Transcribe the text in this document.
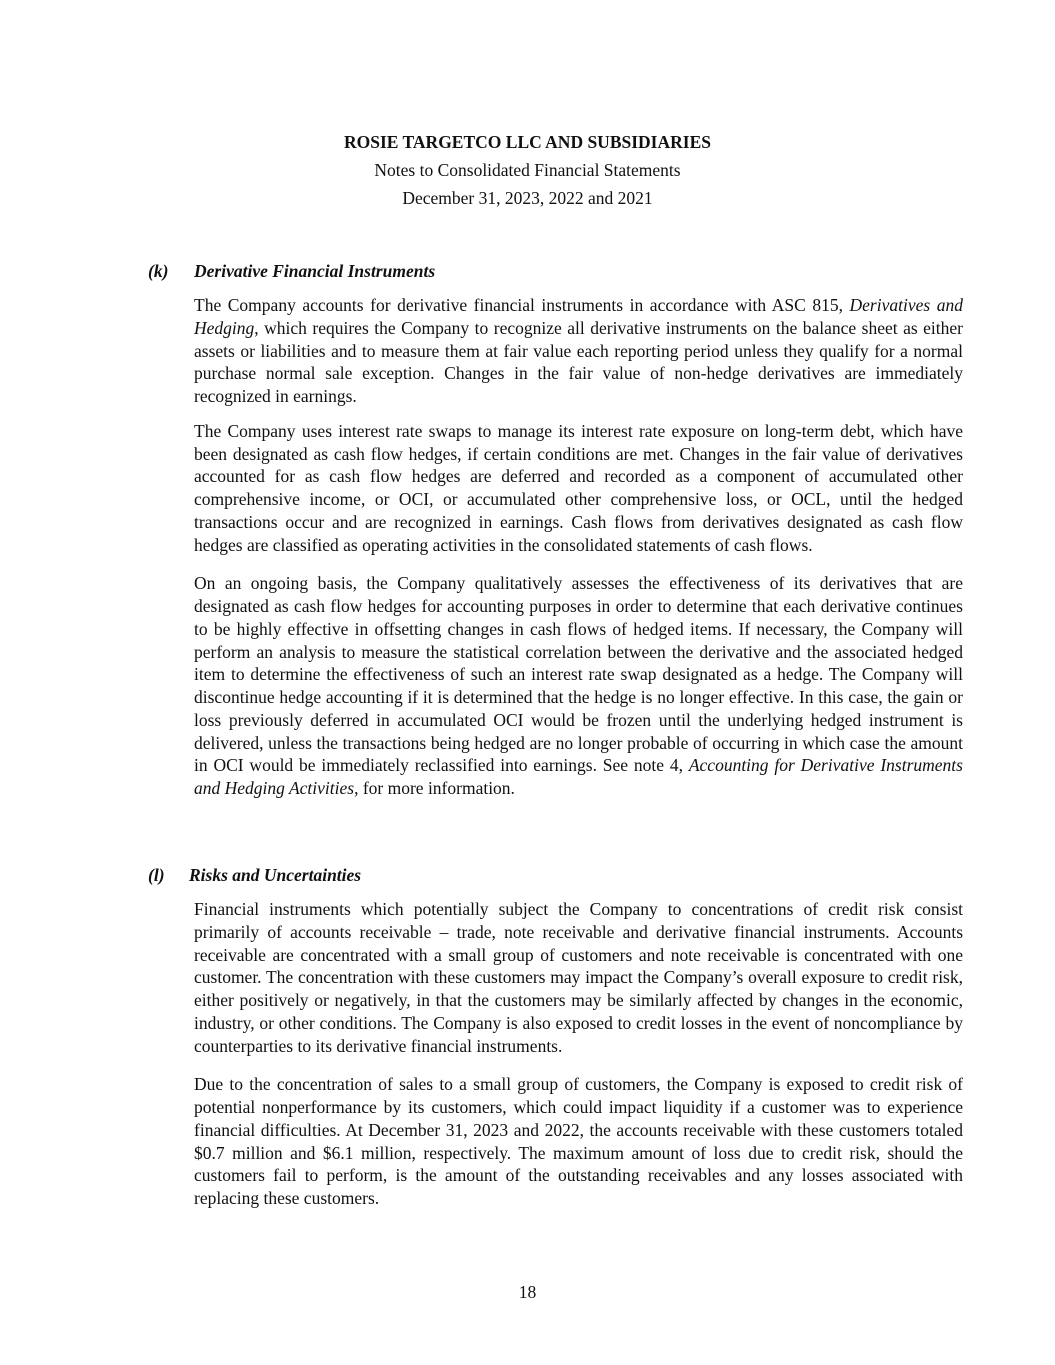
ROSIE TARGETCO LLC AND SUBSIDIARIES
Notes to Consolidated Financial Statements
December 31, 2023, 2022 and 2021
(k)	Derivative Financial Instruments
The Company accounts for derivative financial instruments in accordance with ASC 815, Derivatives and Hedging, which requires the Company to recognize all derivative instruments on the balance sheet as either assets or liabilities and to measure them at fair value each reporting period unless they qualify for a normal purchase normal sale exception. Changes in the fair value of non-hedge derivatives are immediately recognized in earnings.
The Company uses interest rate swaps to manage its interest rate exposure on long-term debt, which have been designated as cash flow hedges, if certain conditions are met. Changes in the fair value of derivatives accounted for as cash flow hedges are deferred and recorded as a component of accumulated other comprehensive income, or OCI, or accumulated other comprehensive loss, or OCL, until the hedged transactions occur and are recognized in earnings. Cash flows from derivatives designated as cash flow hedges are classified as operating activities in the consolidated statements of cash flows.
On an ongoing basis, the Company qualitatively assesses the effectiveness of its derivatives that are designated as cash flow hedges for accounting purposes in order to determine that each derivative continues to be highly effective in offsetting changes in cash flows of hedged items. If necessary, the Company will perform an analysis to measure the statistical correlation between the derivative and the associated hedged item to determine the effectiveness of such an interest rate swap designated as a hedge. The Company will discontinue hedge accounting if it is determined that the hedge is no longer effective. In this case, the gain or loss previously deferred in accumulated OCI would be frozen until the underlying hedged instrument is delivered, unless the transactions being hedged are no longer probable of occurring in which case the amount in OCI would be immediately reclassified into earnings. See note 4, Accounting for Derivative Instruments and Hedging Activities, for more information.
(l)	Risks and Uncertainties
Financial instruments which potentially subject the Company to concentrations of credit risk consist primarily of accounts receivable – trade, note receivable and derivative financial instruments. Accounts receivable are concentrated with a small group of customers and note receivable is concentrated with one customer. The concentration with these customers may impact the Company’s overall exposure to credit risk, either positively or negatively, in that the customers may be similarly affected by changes in the economic, industry, or other conditions. The Company is also exposed to credit losses in the event of noncompliance by counterparties to its derivative financial instruments.
Due to the concentration of sales to a small group of customers, the Company is exposed to credit risk of potential nonperformance by its customers, which could impact liquidity if a customer was to experience financial difficulties. At December 31, 2023 and 2022, the accounts receivable with these customers totaled $0.7 million and $6.1 million, respectively. The maximum amount of loss due to credit risk, should the customers fail to perform, is the amount of the outstanding receivables and any losses associated with replacing these customers.
18
